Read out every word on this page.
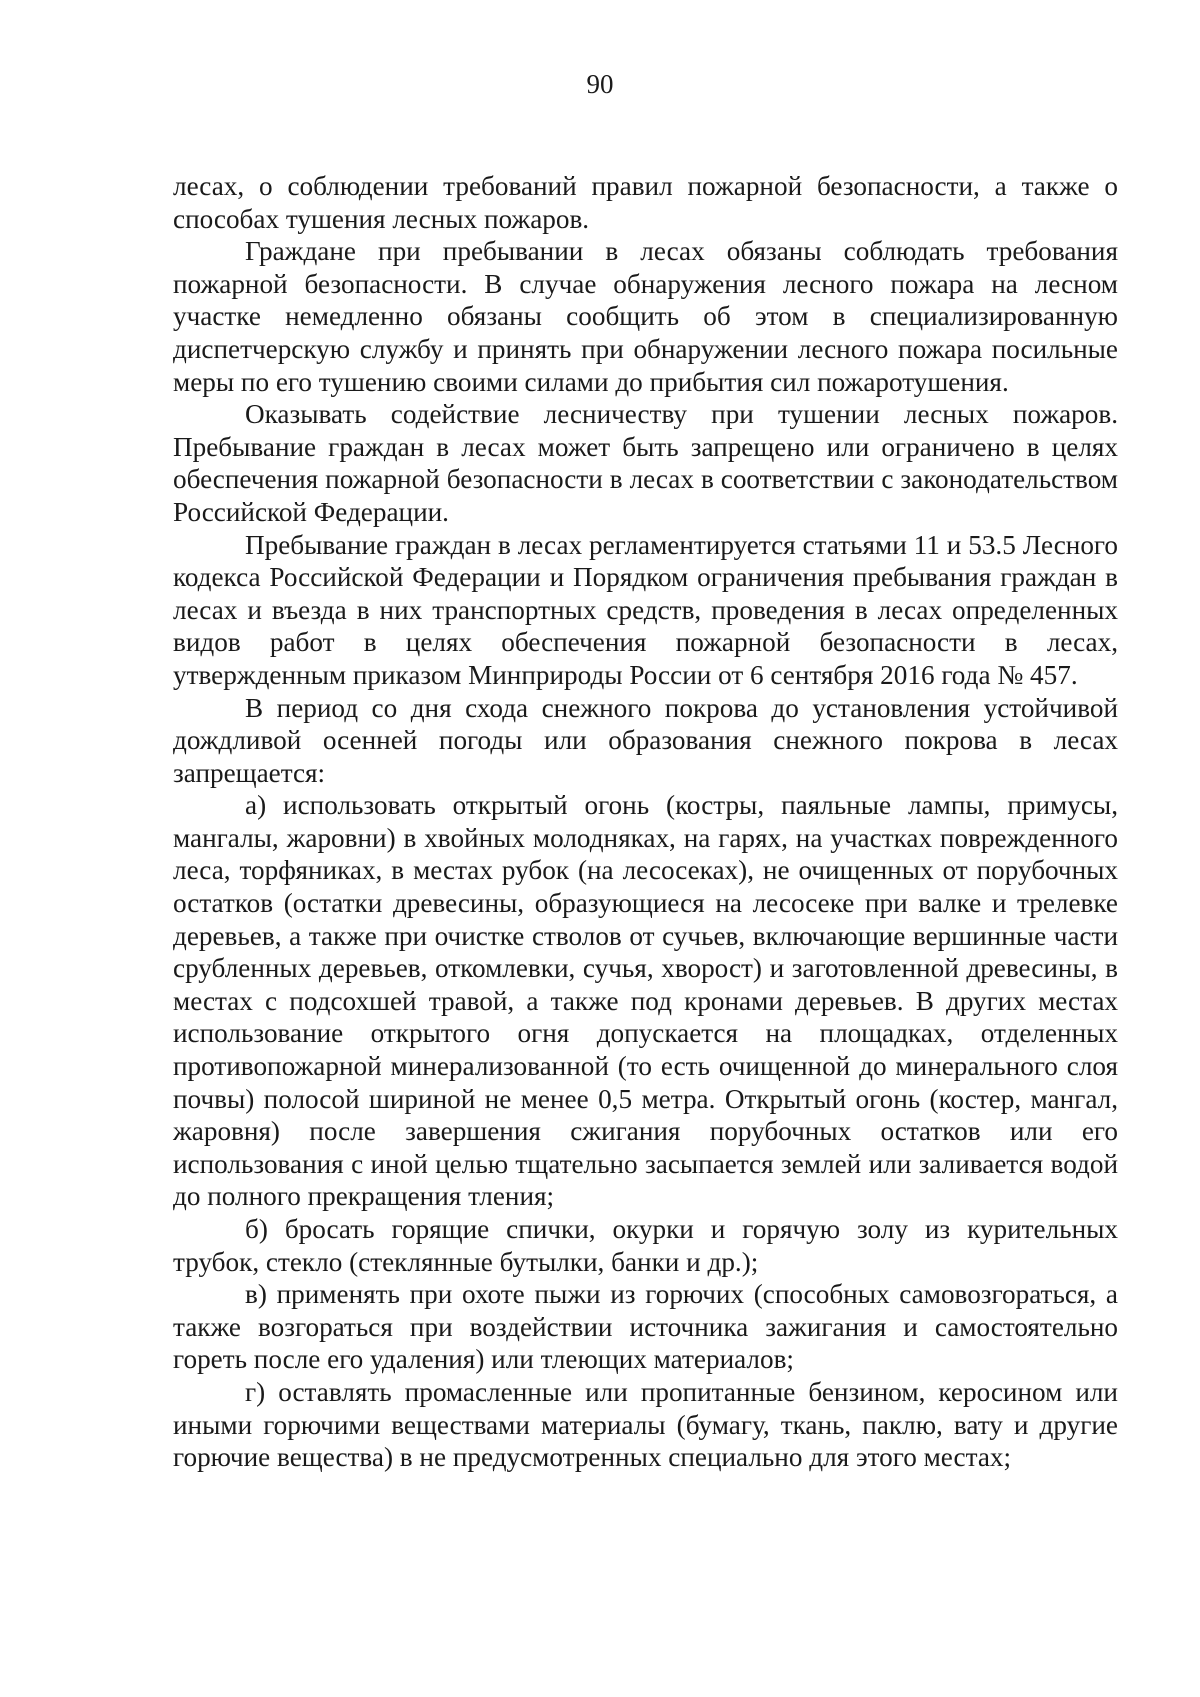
90

лесах, о соблюдении требований правил пожарной безопасности, а также о способах тушения лесных пожаров.

Граждане при пребывании в лесах обязаны соблюдать требования пожарной безопасности. В случае обнаружения лесного пожара на лесном участке немедленно обязаны сообщить об этом в специализированную диспетчерскую службу и принять при обнаружении лесного пожара посильные меры по его тушению своими силами до прибытия сил пожаротушения.

Оказывать содействие лесничеству при тушении лесных пожаров. Пребывание граждан в лесах может быть запрещено или ограничено в целях обеспечения пожарной безопасности в лесах в соответствии с законодательством Российской Федерации.

Пребывание граждан в лесах регламентируется статьями 11 и 53.5 Лесного кодекса Российской Федерации и Порядком ограничения пребывания граждан в лесах и въезда в них транспортных средств, проведения в лесах определенных видов работ в целях обеспечения пожарной безопасности в лесах, утвержденным приказом Минприроды России от 6 сентября 2016 года № 457.

В период со дня схода снежного покрова до установления устойчивой дождливой осенней погоды или образования снежного покрова в лесах запрещается:

а) использовать открытый огонь (костры, паяльные лампы, примусы, мангалы, жаровни) в хвойных молодняках, на гарях, на участках поврежденного леса, торфяниках, в местах рубок (на лесосеках), не очищенных от порубочных остатков (остатки древесины, образующиеся на лесосеке при валке и трелевке деревьев, а также при очистке стволов от сучьев, включающие вершинные части срубленных деревьев, откомлевки, сучья, хворост) и заготовленной древесины, в местах с подсохшей травой, а также под кронами деревьев. В других местах использование открытого огня допускается на площадках, отделенных противопожарной минерализованной (то есть очищенной до минерального слоя почвы) полосой шириной не менее 0,5 метра. Открытый огонь (костер, мангал, жаровня) после завершения сжигания порубочных остатков или его использования с иной целью тщательно засыпается землей или заливается водой до полного прекращения тления;

б) бросать горящие спички, окурки и горячую золу из курительных трубок, стекло (стеклянные бутылки, банки и др.);

в) применять при охоте пыжи из горючих (способных самовозгораться, а также возгораться при воздействии источника зажигания и самостоятельно гореть после его удаления) или тлеющих материалов;

г) оставлять промасленные или пропитанные бензином, керосином или иными горючими веществами материалы (бумагу, ткань, паклю, вату и другие горючие вещества) в не предусмотренных специально для этого местах;
